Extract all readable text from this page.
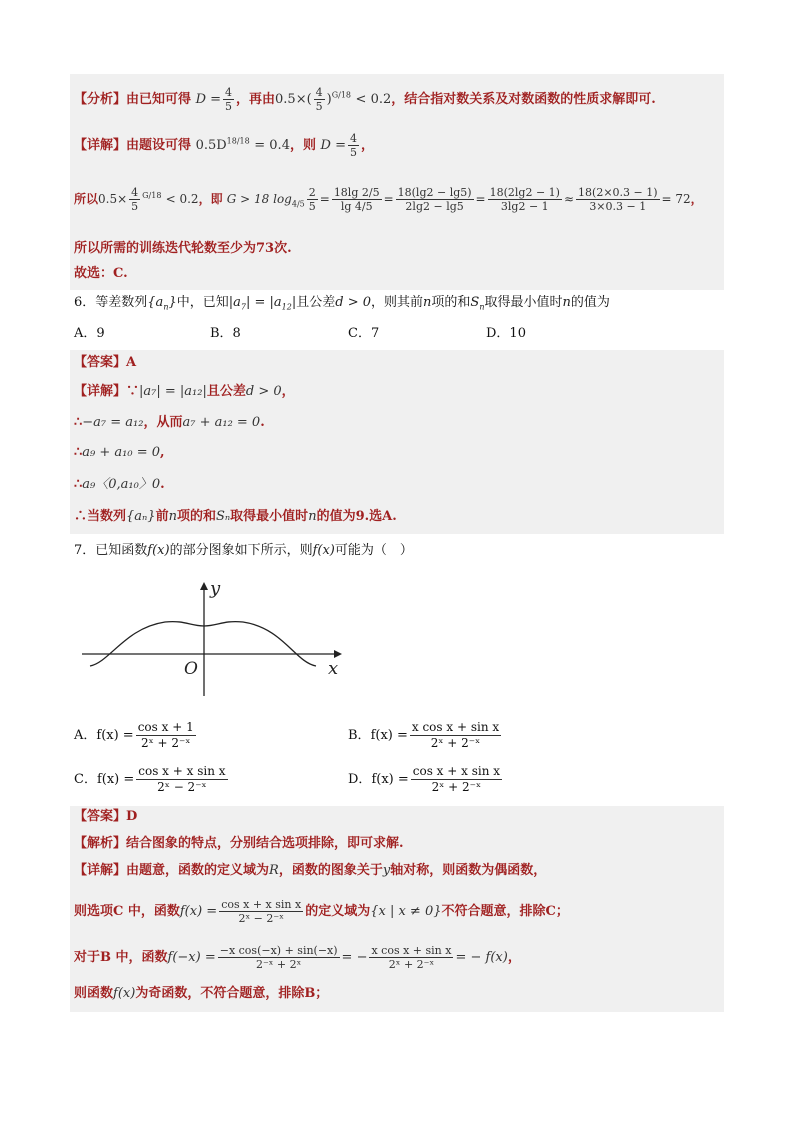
【分析】由已知可得 $D = \frac{4}{5}$ ，再由$0.5\times( \frac{4}{5} )^{G/18} < 0.2$，结合指对数关系及对数函数的性质求解即可.
【详解】由题设可得 $0.5D^{18/18} = 0.4$，则 $D = \frac{4}{5}$ ，
所以$0.5\times \frac{4}{5} ^{G/18} < 0.2$，即 G > 18 $\log_{4/5} \frac{2}{5} = \frac{18\lg 2/5}{\lg 4/5} = \frac{18(\lg 2 - \lg 5)}{2\lg 2 - \lg 5} = \frac{18(2\lg 2 - 1)}{3\lg 2 - 1} \approx \frac{18(2\times 0.3 - 1)}{3\times 0.3 - 1} = 72$，
所以所需的训练迭代轮数至少为73次.
故选：C.
6．等差数列$\{a_n\}$中，已知$|a_7| = |a_{12}|$且公差d > 0，则其前n项的和$S_n$取得最小值时n的值为
A．9	B．8	C．7	D．10
【答案】A
【详解】∵|a₇| = |a₁₂|且公差d > 0，
∴−a₇ = a₁₂，从而a₇ + a₁₂ = 0.
∴a₉ + a₁₀ = 0,
∴a₉〈0,a₁₀〉0.
∴当数列{aₙ}前n项的和Sₙ取得最小值时n的值为9.选A.
7．已知函数f(x)的部分图象如下所示，则f(x)可能为（　）
y
x
O
A．$f(x) = \frac{\text{cos x + 1}}{\text{2ˣ + 2⁻ˣ}}$	B．$f(x) = \frac{\text{x cos x + sin x}}{\text{2ˣ + 2⁻ˣ}}$
C．$f(x) = \frac{\text{cos x + x sin x}}{\text{2ˣ − 2⁻ˣ}}$	D．$f(x) = \frac{\text{cos x + x sin x}}{\text{2ˣ + 2⁻ˣ}}$
【答案】D
【解析】结合图象的特点，分别结合选项排除，即可求解.
【详解】由题意，函数的定义域为R，函数的图象关于y轴对称，则函数为偶函数，
则选项C 中，函数$f(x) = \frac{\text{cos x + x sin x}}{\text{2ˣ − 2⁻ˣ}}$ 的定义域为{x | x ≠ 0}不符合题意，排除C；
对于B 中，函数$f(-x) = \frac{\text{−x cos(−x) + sin(−x)}}{\text{2⁻ˣ + 2ˣ}}$ = − $\frac{\text{x cos x + sin x}}{\text{2ˣ + 2⁻ˣ}}$ = − f(x)，
则函数f(x)为奇函数，不符合题意，排除B；
